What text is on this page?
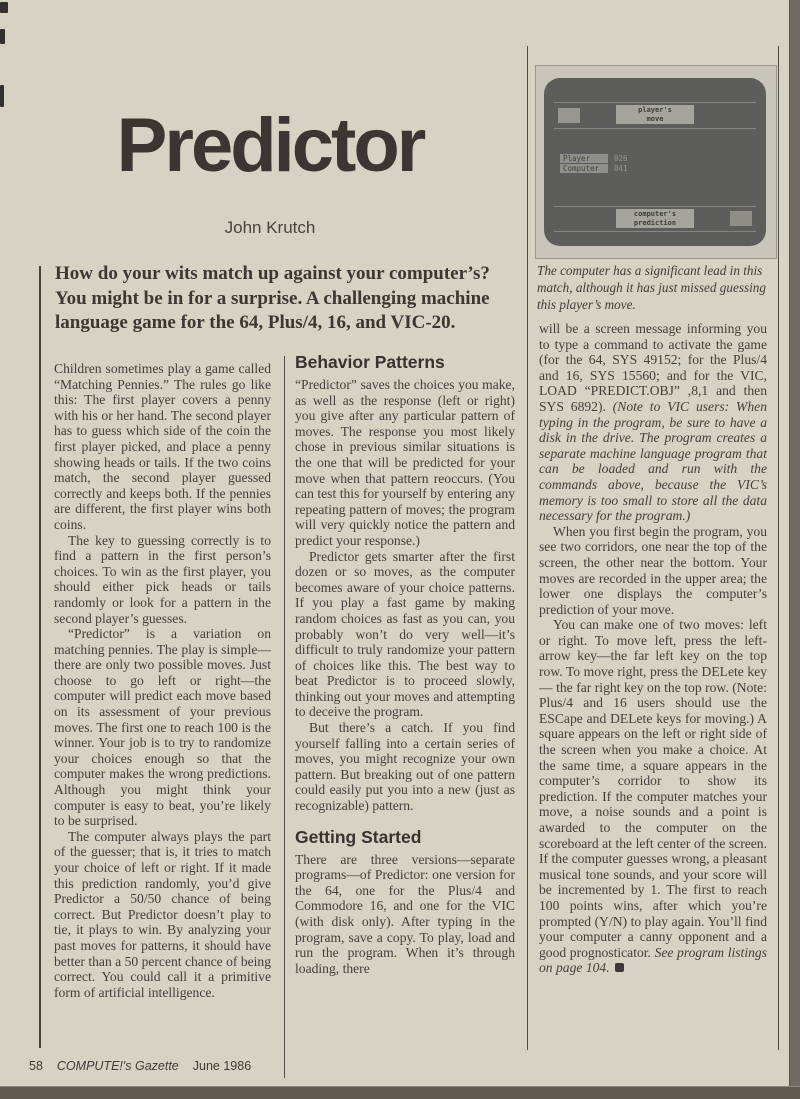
Predictor
John Krutch
How do your wits match up against your computer’s? You might be in for a surprise. A challenging machine language game for the 64, Plus/4, 16, and VIC-20.
player's
move
Player	026
Computer 041
computer's
prediction
The computer has a significant lead in this match, although it has just missed guessing this player’s move.

Children sometimes play a game called “Matching Pennies.” The rules go like this: The first player covers a penny with his or her hand. The second player has to guess which side of the coin the first player picked, and place a penny showing heads or tails. If the two coins match, the second player guessed correctly and keeps both. If the pennies are different, the first player wins both coins.

The key to guessing correctly is to find a pattern in the first person’s choices. To win as the first player, you should either pick heads or tails randomly or look for a pattern in the second player’s guesses.

“Predictor” is a variation on matching pennies. The play is simple—there are only two possible moves. Just choose to go left or right—the computer will predict each move based on its assessment of your previous moves. The first one to reach 100 is the winner. Your job is to try to randomize your choices enough so that the computer makes the wrong predictions. Although you might think your computer is easy to beat, you’re likely to be surprised.

The computer always plays the part of the guesser; that is, it tries to match your choice of left or right. If it made this prediction randomly, you’d give Predictor a 50/50 chance of being correct. But Predictor doesn’t play to tie, it plays to win. By analyzing your past moves for patterns, it should have better than a 50 percent chance of being correct. You could call it a primitive form of artificial intelligence.

Behavior Patterns

“Predictor” saves the choices you make, as well as the response (left or right) you give after any particular pattern of moves. The response you most likely chose in previous similar situations is the one that will be predicted for your move when that pattern reoccurs. (You can test this for yourself by entering any repeating pattern of moves; the program will very quickly notice the pattern and predict your response.)

Predictor gets smarter after the first dozen or so moves, as the computer becomes aware of your choice patterns. If you play a fast game by making random choices as fast as you can, you probably won’t do very well—it’s difficult to truly randomize your pattern of choices like this. The best way to beat Predictor is to proceed slowly, thinking out your moves and attempting to deceive the program.

But there’s a catch. If you find yourself falling into a certain series of moves, you might recognize your own pattern. But breaking out of one pattern could easily put you into a new (just as recognizable) pattern.

Getting Started

There are three versions—separate programs—of Predictor: one version for the 64, one for the Plus/4 and Commodore 16, and one for the VIC (with disk only). After typing in the program, save a copy. To play, load and run the program. When it’s through loading, there

will be a screen message informing you to type a command to activate the game (for the 64, SYS 49152; for the Plus/4 and 16, SYS 15560; and for the VIC, LOAD “PREDICT.OBJ” ,8,1 and then SYS 6892). (Note to VIC users: When typing in the program, be sure to have a disk in the drive. The program creates a separate machine language program that can be loaded and run with the commands above, because the VIC’s memory is too small to store all the data necessary for the program.)

When you first begin the program, you see two corridors, one near the top of the screen, the other near the bottom. Your moves are recorded in the upper area; the lower one displays the computer’s prediction of your move.

You can make one of two moves: left or right. To move left, press the left-arrow key—the far left key on the top row. To move right, press the DELete key— the far right key on the top row. (Note: Plus/4 and 16 users should use the ESCape and DELete keys for moving.) A square appears on the left or right side of the screen when you make a choice. At the same time, a square appears in the computer’s corridor to show its prediction. If the computer matches your move, a noise sounds and a point is awarded to the computer on the scoreboard at the left center of the screen. If the computer guesses wrong, a pleasant musical tone sounds, and your score will be incremented by 1. The first to reach 100 points wins, after which you’re prompted (Y/N) to play again. You’ll find your computer a canny opponent and a good prognosticator. See program listings on page 104.

58 COMPUTE!'s Gazette June 1986
